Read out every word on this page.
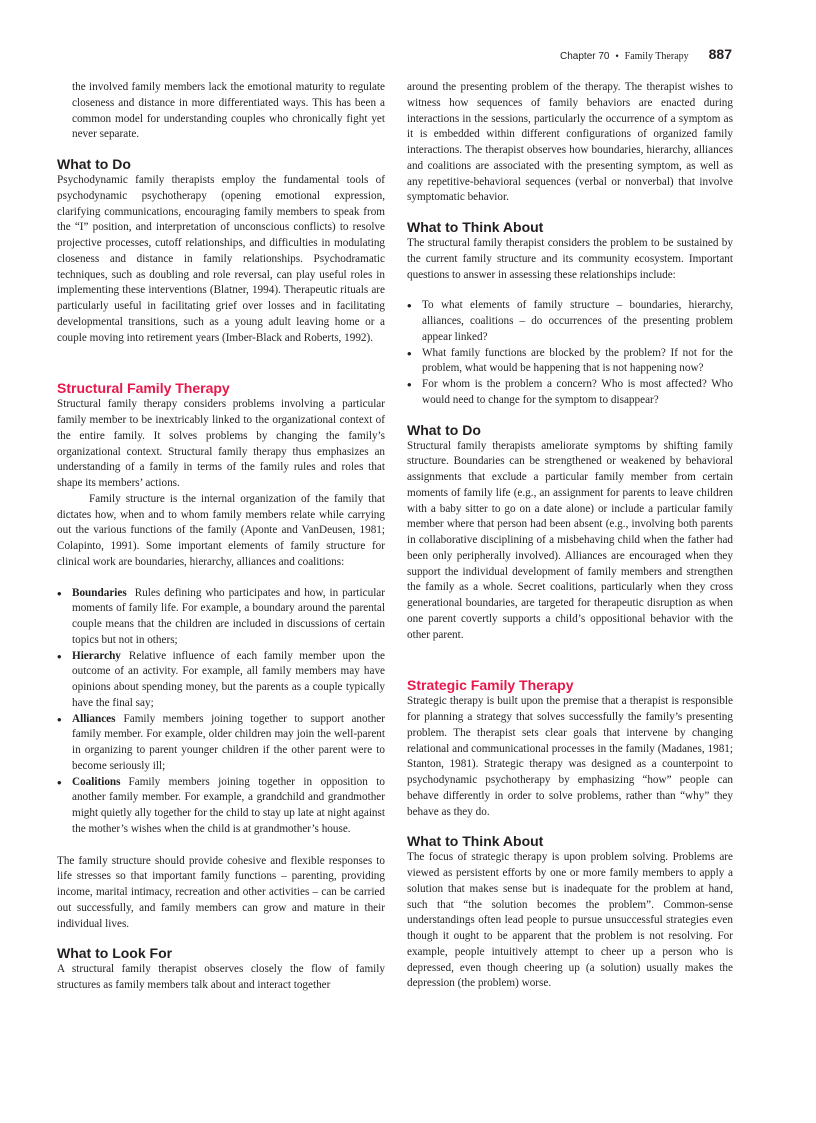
Chapter 70 • Family Therapy 887

the involved family members lack the emotional maturity to regulate closeness and distance in more differentiated ways. This has been a common model for understanding couples who chronically fight yet never separate.

What to Do

Psychodynamic family therapists employ the fundamental tools of psychodynamic psychotherapy (opening emotional expression, clarifying communications, encouraging family members to speak from the “I” position, and interpretation of unconscious conflicts) to resolve projective processes, cutoff relationships, and difficulties in modulating closeness and distance in family relationships. Psychodramatic techniques, such as doubling and role reversal, can play useful roles in implementing these interventions (Blatner, 1994). Therapeutic rituals are particularly useful in facilitating grief over losses and in facilitating developmental transitions, such as a young adult leaving home or a couple moving into retirement years (Imber-Black and Roberts, 1992).

Structural Family Therapy

Structural family therapy considers problems involving a particular family member to be inextricably linked to the organizational context of the entire family. It solves problems by changing the family’s organizational context. Structural family therapy thus emphasizes an understanding of a family in terms of the family rules and roles that shape its members’ actions.

Family structure is the internal organization of the family that dictates how, when and to whom family members relate while carrying out the various functions of the family (Aponte and VanDeusen, 1981; Colapinto, 1991). Some important elements of family structure for clinical work are boundaries, hierarchy, alliances and coalitions:

• Boundaries Rules defining who participates and how, in particular moments of family life. For example, a boundary around the parental couple means that the children are included in discussions of certain topics but not in others;
• Hierarchy Relative influence of each family member upon the outcome of an activity. For example, all family members may have opinions about spending money, but the parents as a couple typically have the final say;
• Alliances Family members joining together to support another family member. For example, older children may join the well-parent in organizing to parent younger children if the other parent were to become seriously ill;
• Coalitions Family members joining together in opposition to another family member. For example, a grandchild and grandmother might quietly ally together for the child to stay up late at night against the mother’s wishes when the child is at grandmother’s house.

The family structure should provide cohesive and flexible responses to life stresses so that important family functions – parenting, providing income, marital intimacy, recreation and other activities – can be carried out successfully, and family members can grow and mature in their individual lives.

What to Look For

A structural family therapist observes closely the flow of family structures as family members talk about and interact together

around the presenting problem of the therapy. The therapist wishes to witness how sequences of family behaviors are enacted during interactions in the sessions, particularly the occurrence of a symptom as it is embedded within different configurations of organized family interactions. The therapist observes how boundaries, hierarchy, alliances and coalitions are associated with the presenting symptom, as well as any repetitive-behavioral sequences (verbal or nonverbal) that involve symptomatic behavior.

What to Think About

The structural family therapist considers the problem to be sustained by the current family structure and its community ecosystem. Important questions to answer in assessing these relationships include:

• To what elements of family structure – boundaries, hierarchy, alliances, coalitions – do occurrences of the presenting problem appear linked?
• What family functions are blocked by the problem? If not for the problem, what would be happening that is not happening now?
• For whom is the problem a concern? Who is most affected? Who would need to change for the symptom to disappear?
What to Do

Structural family therapists ameliorate symptoms by shifting family structure. Boundaries can be strengthened or weakened by behavioral assignments that exclude a particular family member from certain moments of family life (e.g., an assignment for parents to leave children with a baby sitter to go on a date alone) or include a particular family member where that person had been absent (e.g., involving both parents in collaborative disciplining of a misbehaving child when the father had been only peripherally involved). Alliances are encouraged when they support the individual development of family members and strengthen the family as a whole. Secret coalitions, particularly when they cross generational boundaries, are targeted for therapeutic disruption as when one parent covertly supports a child’s oppositional behavior with the other parent.

Strategic Family Therapy

Strategic therapy is built upon the premise that a therapist is responsible for planning a strategy that solves successfully the family’s presenting problem. The therapist sets clear goals that intervene by changing relational and communicational processes in the family (Madanes, 1981; Stanton, 1981). Strategic therapy was designed as a counterpoint to psychodynamic psychotherapy by emphasizing “how” people can behave differently in order to solve problems, rather than “why” they behave as they do.

What to Think About

The focus of strategic therapy is upon problem solving. Problems are viewed as persistent efforts by one or more family members to apply a solution that makes sense but is inadequate for the problem at hand, such that “the solution becomes the problem”. Common-sense understandings often lead people to pursue unsuccessful strategies even though it ought to be apparent that the problem is not resolving. For example, people intuitively attempt to cheer up a person who is depressed, even though cheering up (a solution) usually makes the depression (the problem) worse.
